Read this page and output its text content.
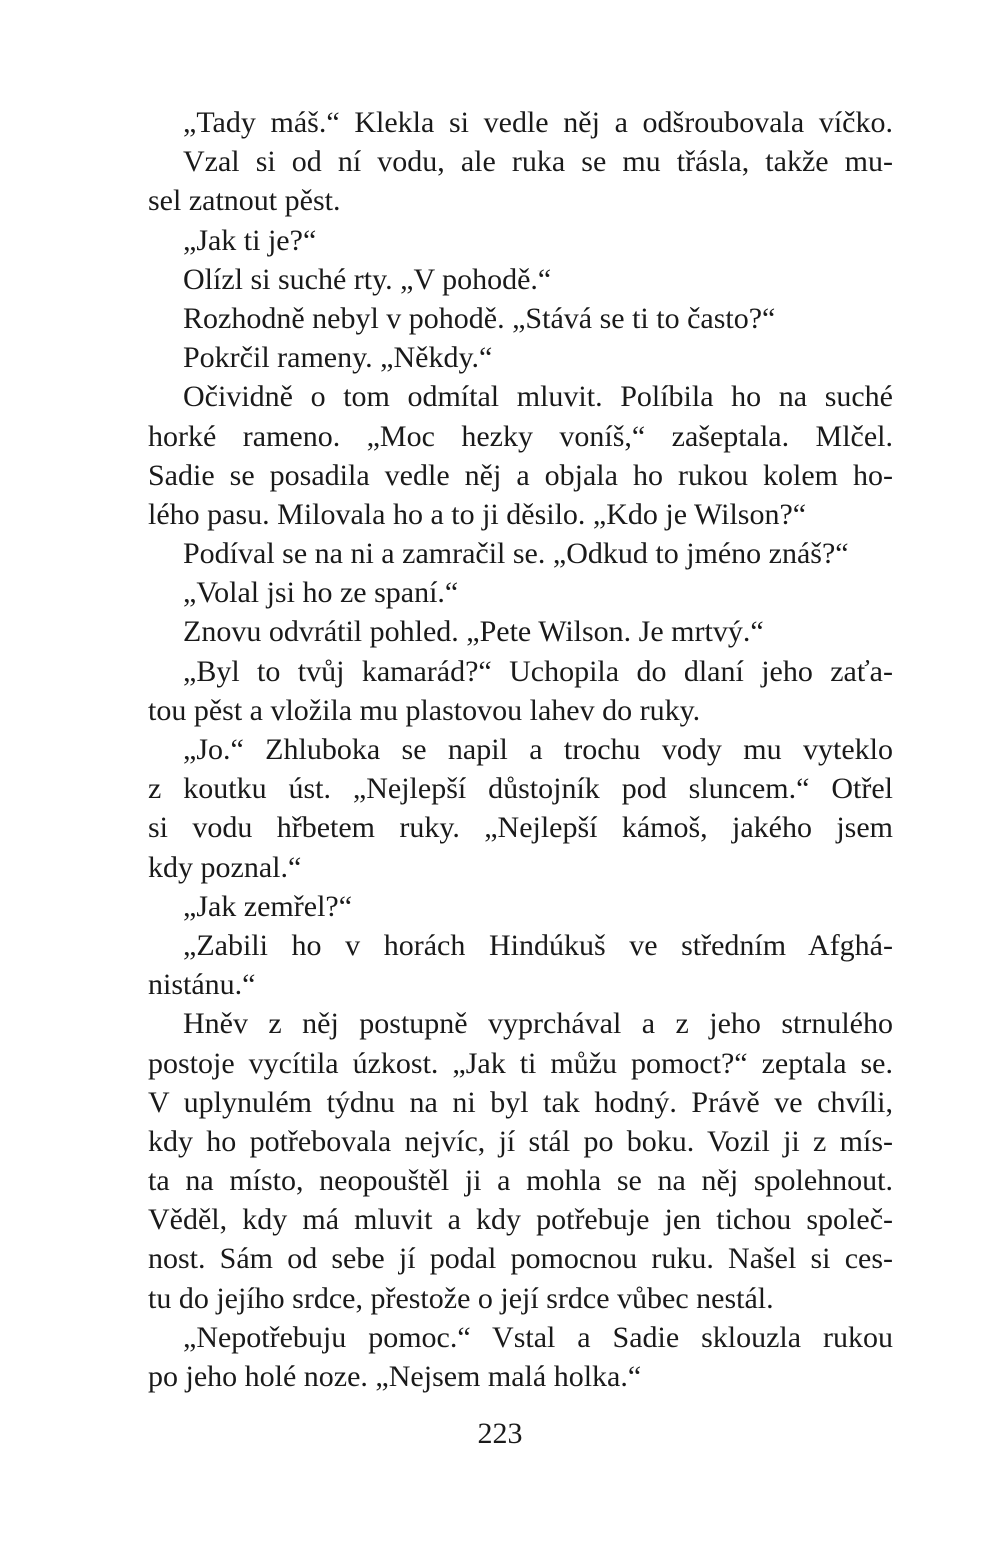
„Tady máš.“ Klekla si vedle něj a odšroubovala víčko.
Vzal si od ní vodu, ale ruka se mu třásla, takže mu-
sel zatnout pěst.
„Jak ti je?“
Olízl si suché rty. „V pohodě.“
Rozhodně nebyl v pohodě. „Stává se ti to často?“
Pokrčil rameny. „Někdy.“
Očividně o tom odmítal mluvit. Políbila ho na suché
horké rameno. „Moc hezky voníš,“ zašeptala. Mlčel.
Sadie se posadila vedle něj a objala ho rukou kolem ho-
lého pasu. Milovala ho a to ji děsilo. „Kdo je Wilson?“
Podíval se na ni a zamračil se. „Odkud to jméno znáš?“
„Volal jsi ho ze spaní.“
Znovu odvrátil pohled. „Pete Wilson. Je mrtvý.“
„Byl to tvůj kamarád?“ Uchopila do dlaní jeho zaťa-
tou pěst a vložila mu plastovou lahev do ruky.
„Jo.“ Zhluboka se napil a trochu vody mu vyteklo
z koutku úst. „Nejlepší důstojník pod sluncem.“ Otřel
si vodu hřbetem ruky. „Nejlepší kámoš, jakého jsem
kdy poznal.“
„Jak zemřel?“
„Zabili ho v horách Hindúkuš ve středním Afghá-
nistánu.“
Hněv z něj postupně vyprchával a z jeho strnulého
postoje vycítila úzkost. „Jak ti můžu pomoct?“ zeptala se.
V uplynulém týdnu na ni byl tak hodný. Právě ve chvíli,
kdy ho potřebovala nejvíc, jí stál po boku. Vozil ji z mís-
ta na místo, neopouštěl ji a mohla se na něj spolehnout.
Věděl, kdy má mluvit a kdy potřebuje jen tichou společ-
nost. Sám od sebe jí podal pomocnou ruku. Našel si ces-
tu do jejího srdce, přestože o její srdce vůbec nestál.
„Nepotřebuju pomoc.“ Vstal a Sadie sklouzla rukou
po jeho holé noze. „Nejsem malá holka.“
223
